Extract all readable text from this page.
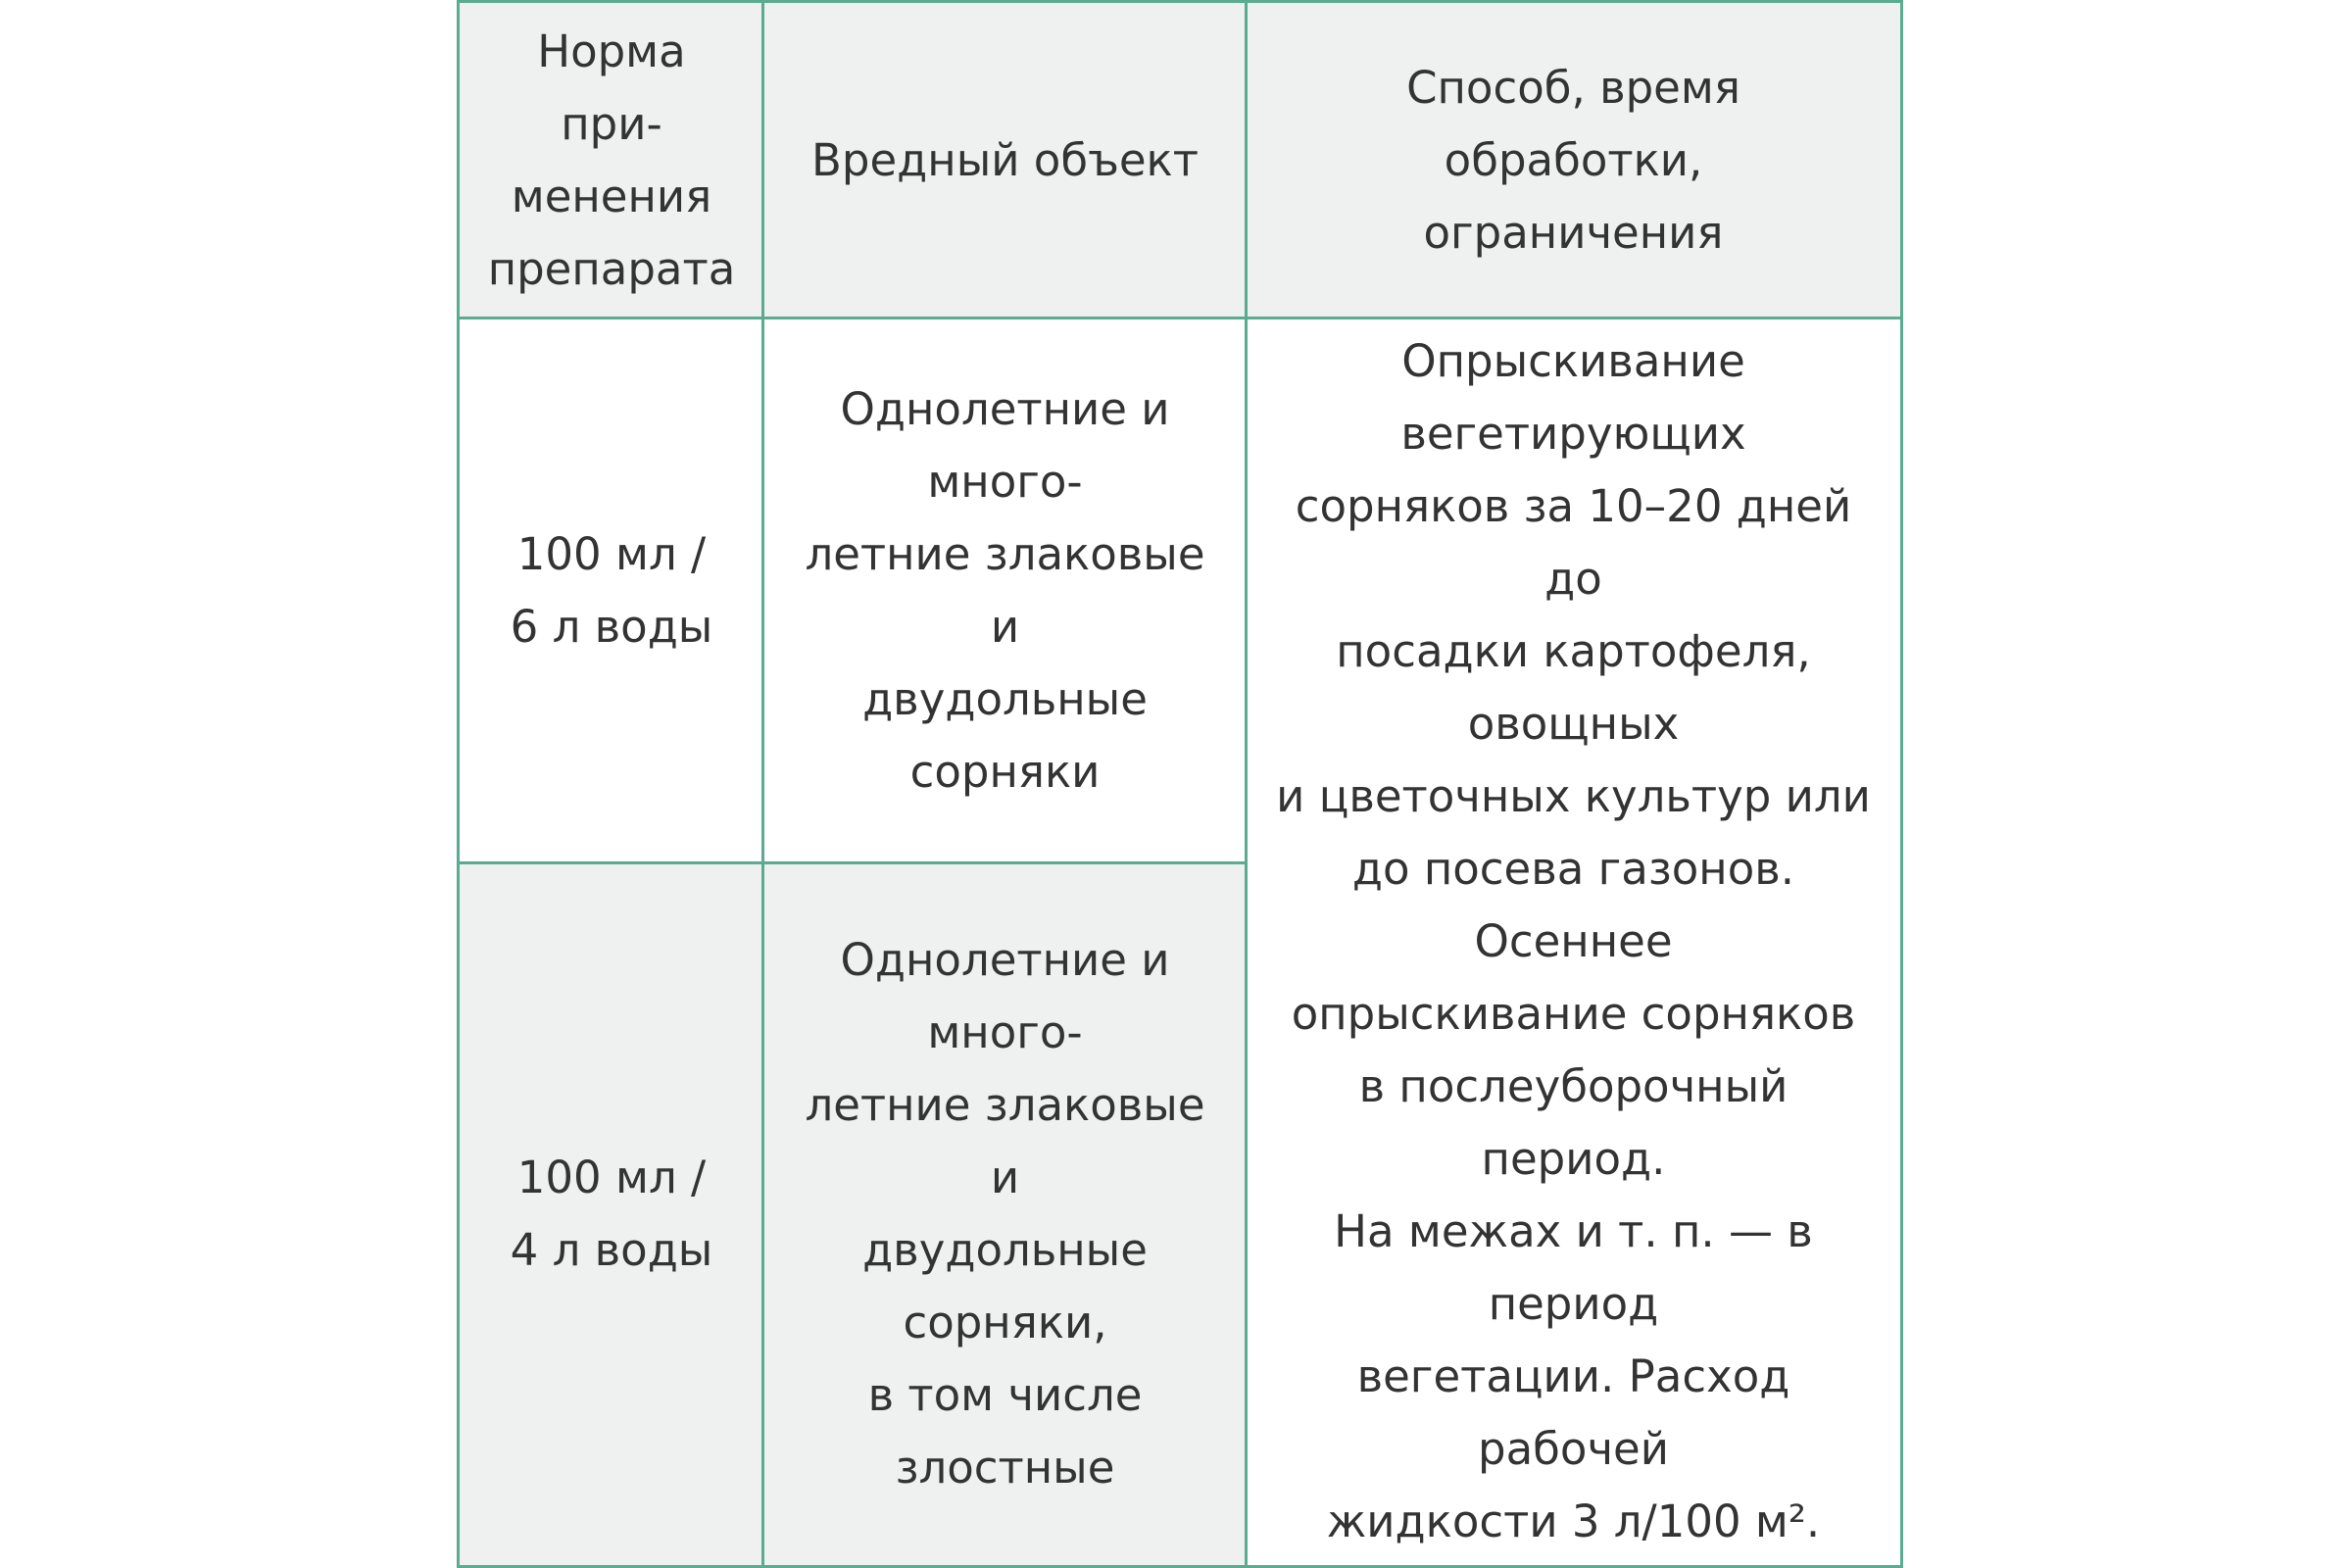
Норма
при-
менения
препарата
Вредный объект
Способ, время
обработки,
ограничения
100 мл /
6 л воды
Однолетние и
много-
летние злаковые
и
двудольные
сорняки
100 мл /
4 л воды
Однолетние и
много-
летние злаковые
и
двудольные
сорняки,
в том числе
злостные
Опрыскивание
вегетирующих
сорняков за 10–20 дней
до
посадки картофеля,
овощных
и цветочных культур или
до посева газонов.
Осеннее
опрыскивание сорняков
в послеуборочный
период.
На межах и т. п. — в
период
вегетации. Расход
рабочей
жидкости 3 л/100 м².
